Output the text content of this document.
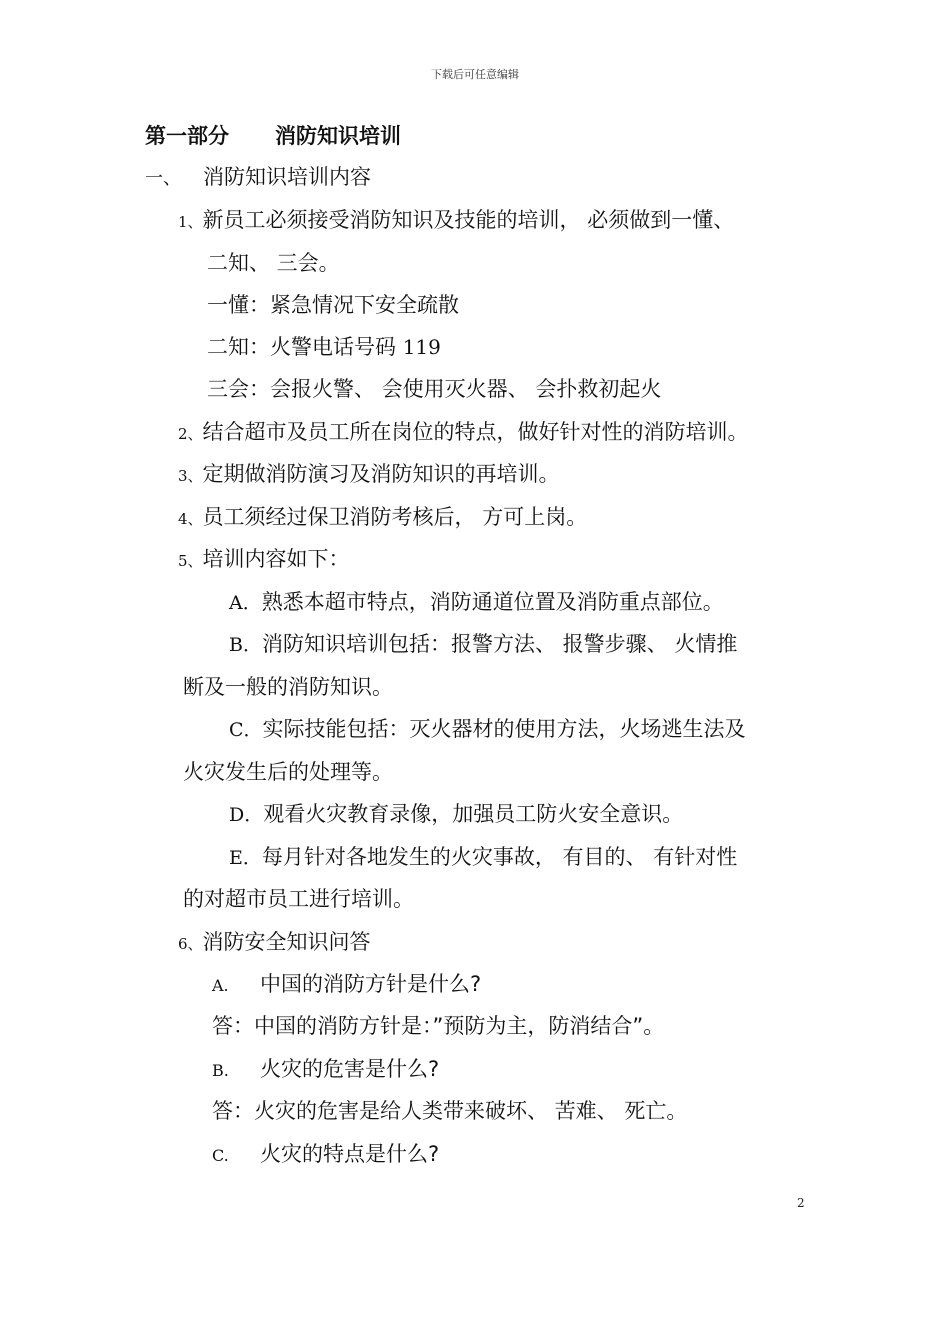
下载后可任意编辑
第一部分 消防知识培训
一、 消防知识培训内容
1、新员工必须接受消防知识及技能的培训， 必须做到一懂、
二知、 三会。
一懂：紧急情况下安全疏散
二知：火警电话号码 119
三会：会报火警、 会使用灭火器、 会扑救初起火
2、结合超市及员工所在岗位的特点，做好针对性的消防培训。
3、定期做消防演习及消防知识的再培训。
4、员工须经过保卫消防考核后， 方可上岗。
5、培训内容如下：
A．熟悉本超市特点，消防通道位置及消防重点部位。
B．消防知识培训包括：报警方法、 报警步骤、 火情推
断及一般的消防知识。
C．实际技能包括：灭火器材的使用方法，火场逃生法及
火灾发生后的处理等。
D．观看火灾教育录像，加强员工防火安全意识。
E．每月针对各地发生的火灾事故， 有目的、 有针对性
的对超市员工进行培训。
6、消防安全知识问答
A. 中国的消防方针是什么?
答：中国的消防方针是：”预防为主，防消结合”。
B. 火灾的危害是什么?
答：火灾的危害是给人类带来破坏、 苦难、 死亡。
C. 火灾的特点是什么?
2
